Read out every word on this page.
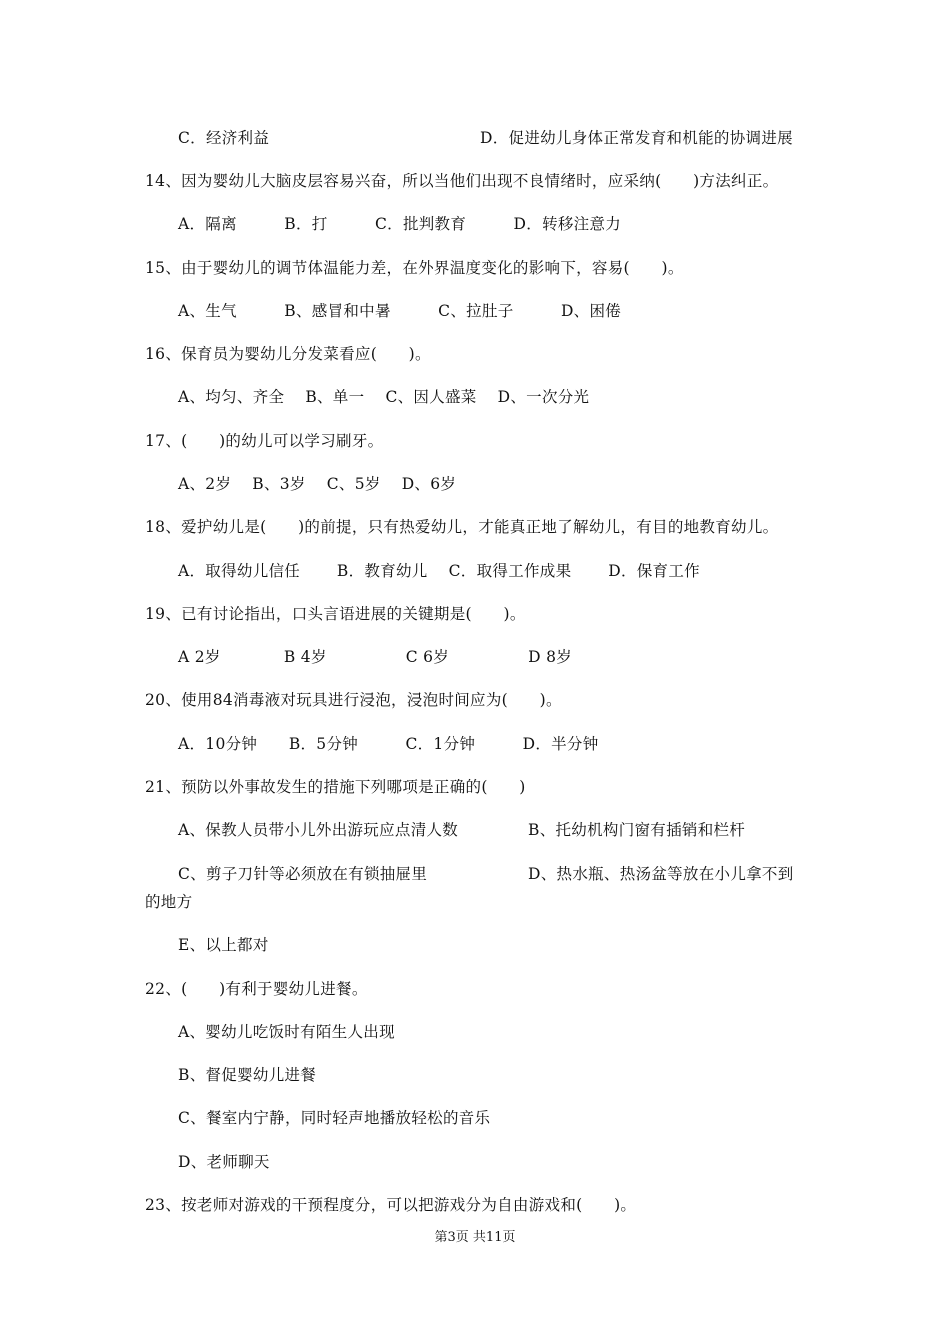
C．经济利益	D．促进幼儿身体正常发育和机能的协调进展
14、因为婴幼儿大脑皮层容易兴奋，所以当他们出现不良情绪时，应采纳(　　)方法纠正。
A．隔离　　　B．打　　　C．批判教育　　　D．转移注意力
15、由于婴幼儿的调节体温能力差，在外界温度变化的影响下，容易(　　)。
A、生气　　　B、感冒和中暑　　　C、拉肚子　　　D、困倦
16、保育员为婴幼儿分发菜看应(　　)。
A、均匀、齐全　 B、单一　 C、因人盛菜　 D、一次分光
17、(　　)的幼儿可以学习刷牙。
A、2岁　 B、3岁　 C、5岁　 D、6岁
18、爱护幼儿是(　　)的前提，只有热爱幼儿，才能真正地了解幼儿，有目的地教育幼儿。
A．取得幼儿信任　　 B．教育幼儿　 C．取得工作成果　　 D．保育工作
19、已有讨论指出，口头言语进展的关键期是(　　)。
A 2岁　　　　B 4岁　　　　　C 6岁　　　　　D 8岁
20、使用84消毒液对玩具进行浸泡，浸泡时间应为(　　)。
A．10分钟　　B．5分钟　　　C．1分钟　　　D．半分钟
21、预防以外事故发生的措施下列哪项是正确的(　　)
A、保教人员带小儿外出游玩应点清人数	B、托幼机构门窗有插销和栏杆
C、剪子刀针等必须放在有锁抽屉里	D、热水瓶、热汤盆等放在小儿拿不到
的地方
E、以上都对
22、(　　)有利于婴幼儿进餐。
A、婴幼儿吃饭时有陌生人出现
B、督促婴幼儿进餐
C、餐室内宁静，同时轻声地播放轻松的音乐
D、老师聊天
23、按老师对游戏的干预程度分，可以把游戏分为自由游戏和(　　)。
第3页 共11页
